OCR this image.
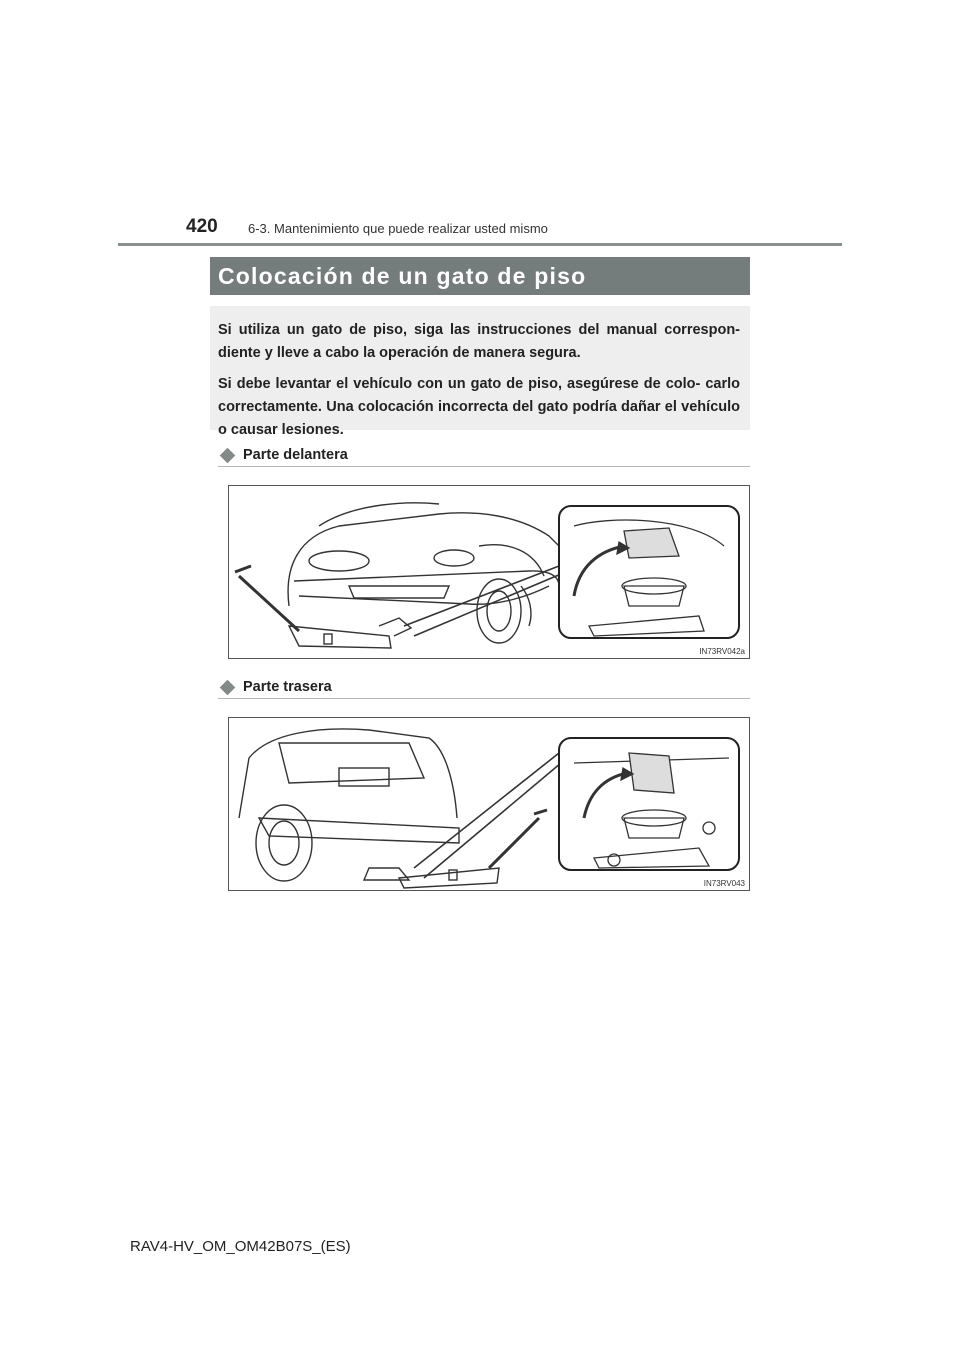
420 6-3. Mantenimiento que puede realizar usted mismo
Colocación de un gato de piso

Si utiliza un gato de piso, siga las instrucciones del manual correspon- diente y lleve a cabo la operación de manera segura.

Si debe levantar el vehículo con un gato de piso, asegúrese de colo- carlo correctamente. Una colocación incorrecta del gato podría dañar el vehículo o causar lesiones.

Parte delantera
IN73RV042a
Parte trasera
IN73RV043
RAV4-HV_OM_OM42B07S_(ES)
